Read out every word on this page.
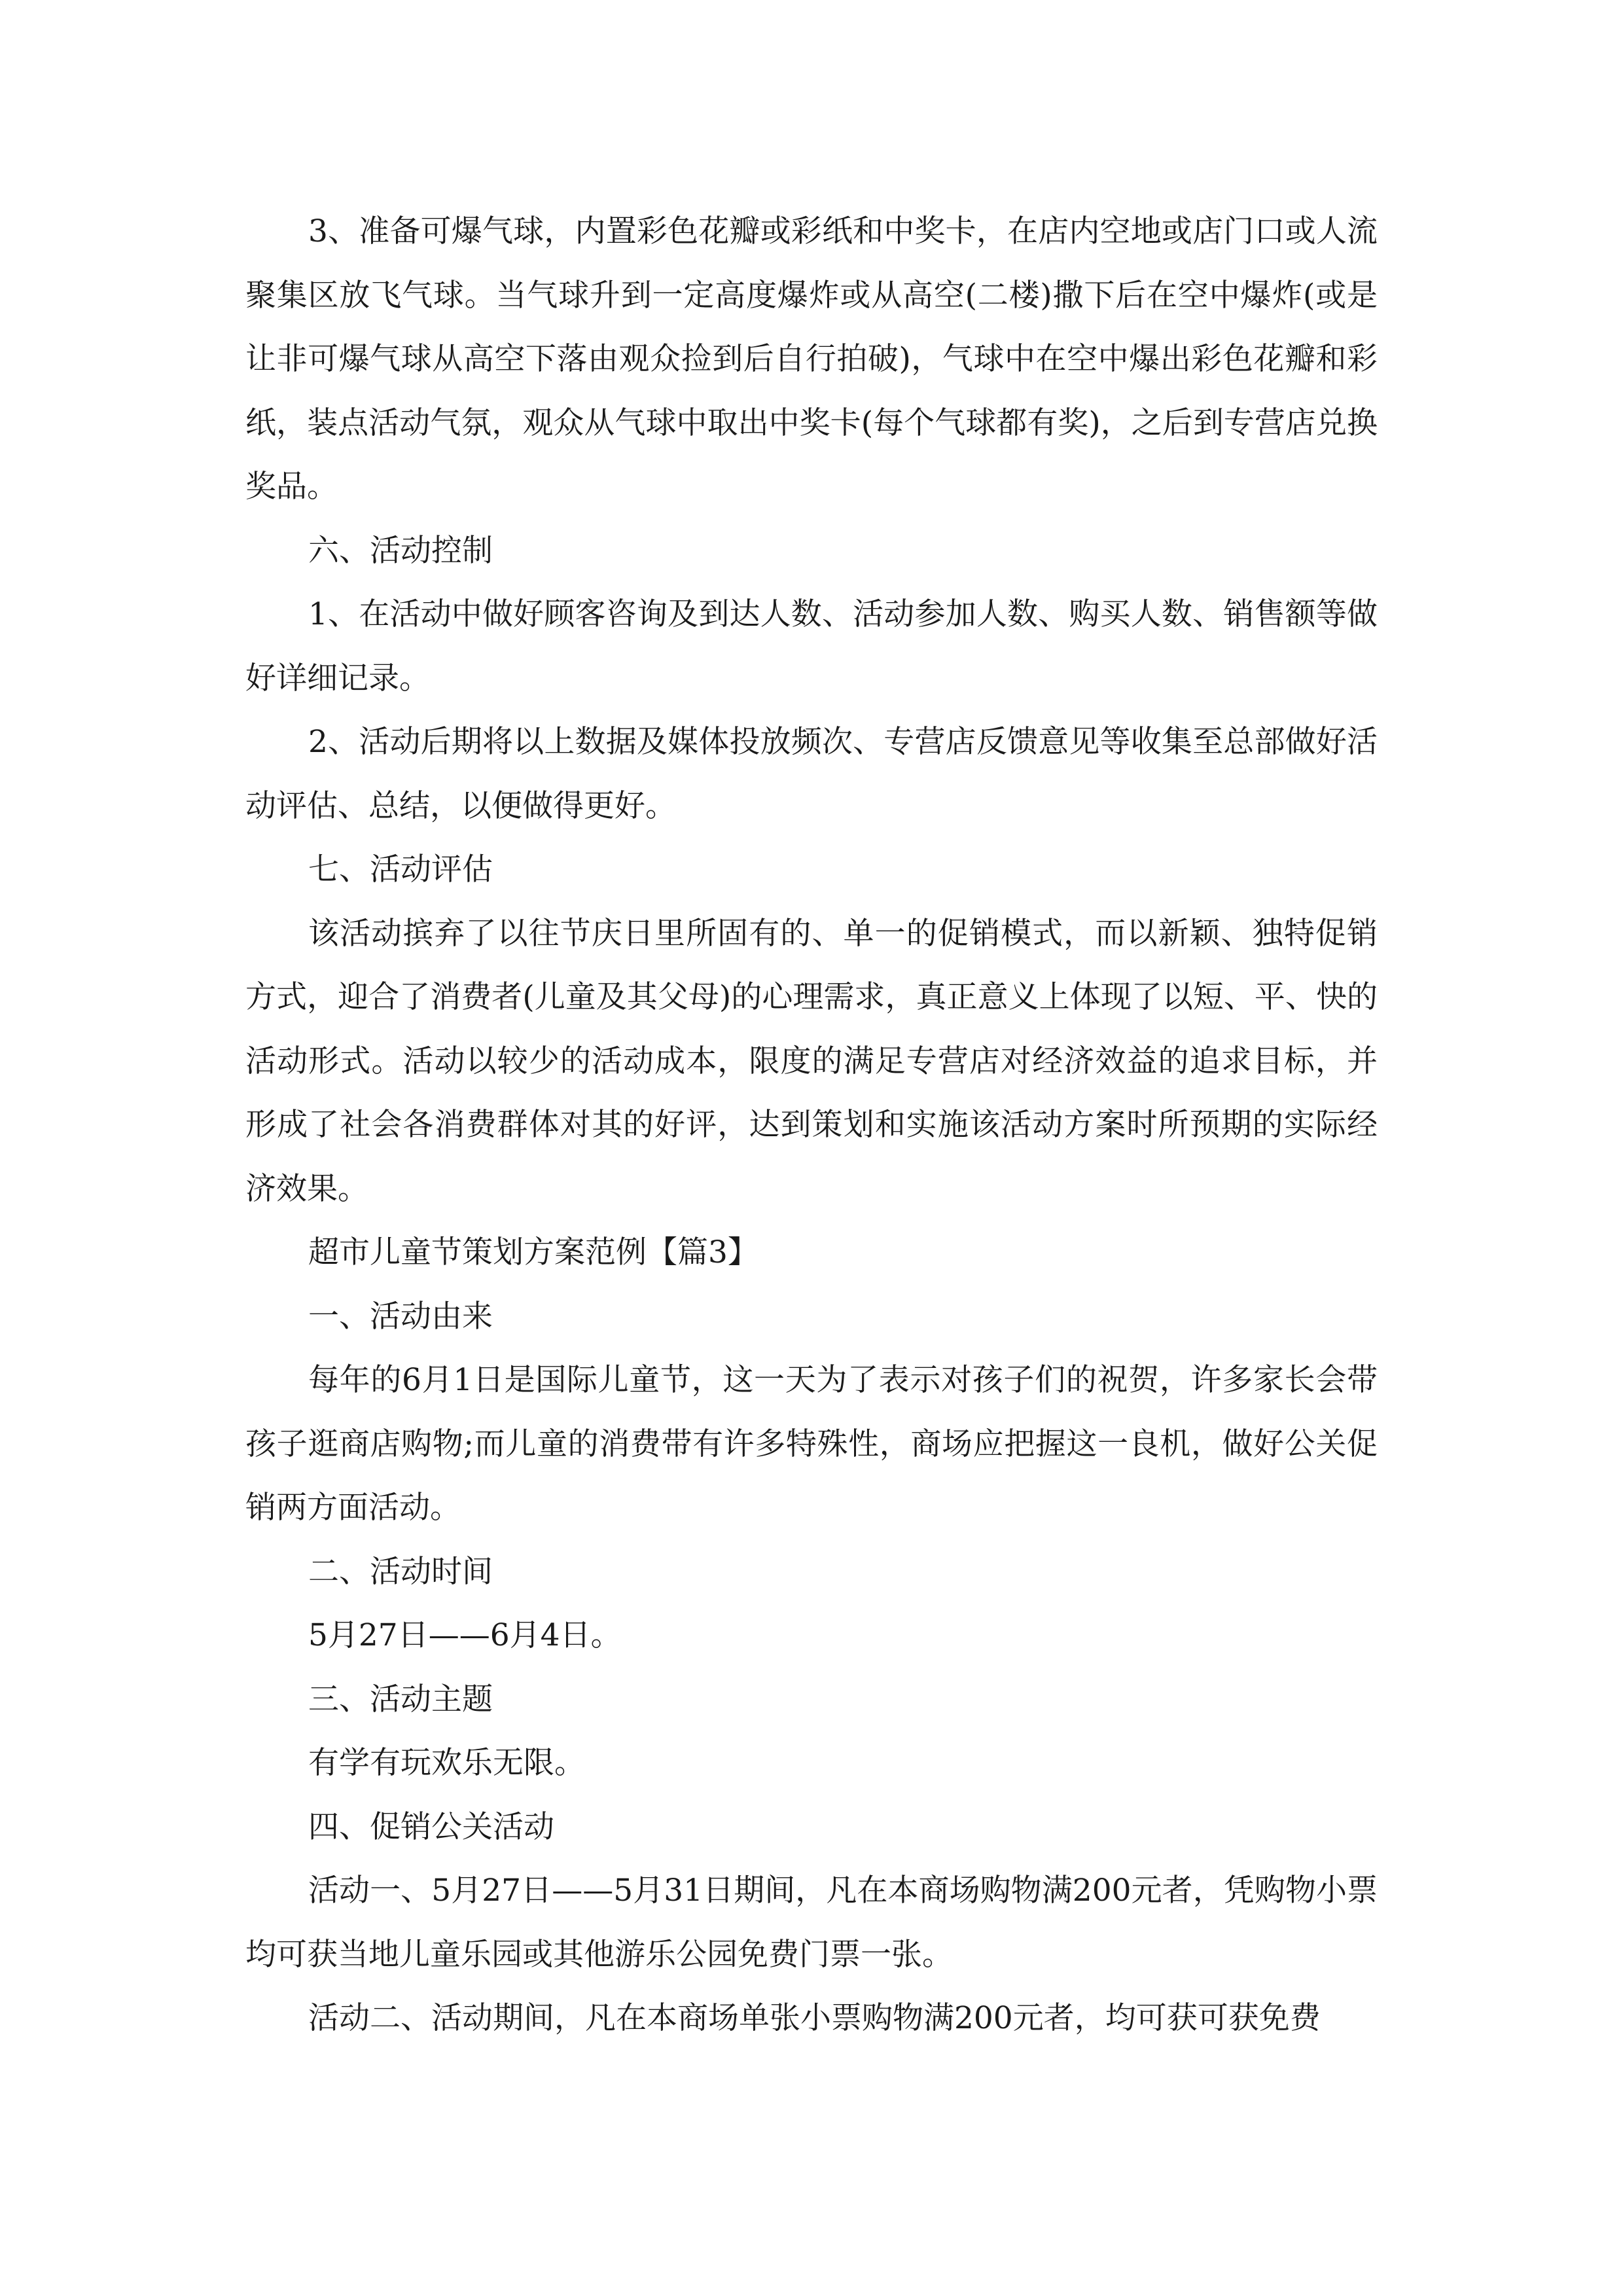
3、准备可爆气球，内置彩色花瓣或彩纸和中奖卡，在店内空地或店门口或人流聚集区放飞气球。当气球升到一定高度爆炸或从高空(二楼)撒下后在空中爆炸(或是让非可爆气球从高空下落由观众捡到后自行拍破)，气球中在空中爆出彩色花瓣和彩纸，装点活动气氛，观众从气球中取出中奖卡(每个气球都有奖)，之后到专营店兑换奖品。

六、活动控制

1、在活动中做好顾客咨询及到达人数、活动参加人数、购买人数、销售额等做好详细记录。

2、活动后期将以上数据及媒体投放频次、专营店反馈意见等收集至总部做好活动评估、总结，以便做得更好。

七、活动评估

该活动摈弃了以往节庆日里所固有的、单一的促销模式，而以新颖、独特促销方式，迎合了消费者(儿童及其父母)的心理需求，真正意义上体现了以短、平、快的活动形式。活动以较少的活动成本，限度的满足专营店对经济效益的追求目标，并形成了社会各消费群体对其的好评，达到策划和实施该活动方案时所预期的实际经济效果。

超市儿童节策划方案范例【篇3】

一、活动由来

每年的6月1日是国际儿童节，这一天为了表示对孩子们的祝贺，许多家长会带孩子逛商店购物;而儿童的消费带有许多特殊性，商场应把握这一良机，做好公关促销两方面活动。

二、活动时间

5月27日——6月4日。

三、活动主题

有学有玩欢乐无限。

四、促销公关活动

活动一、5月27日——5月31日期间，凡在本商场购物满200元者，凭购物小票均可获当地儿童乐园或其他游乐公园免费门票一张。

活动二、活动期间，凡在本商场单张小票购物满200元者，均可获可获免费
